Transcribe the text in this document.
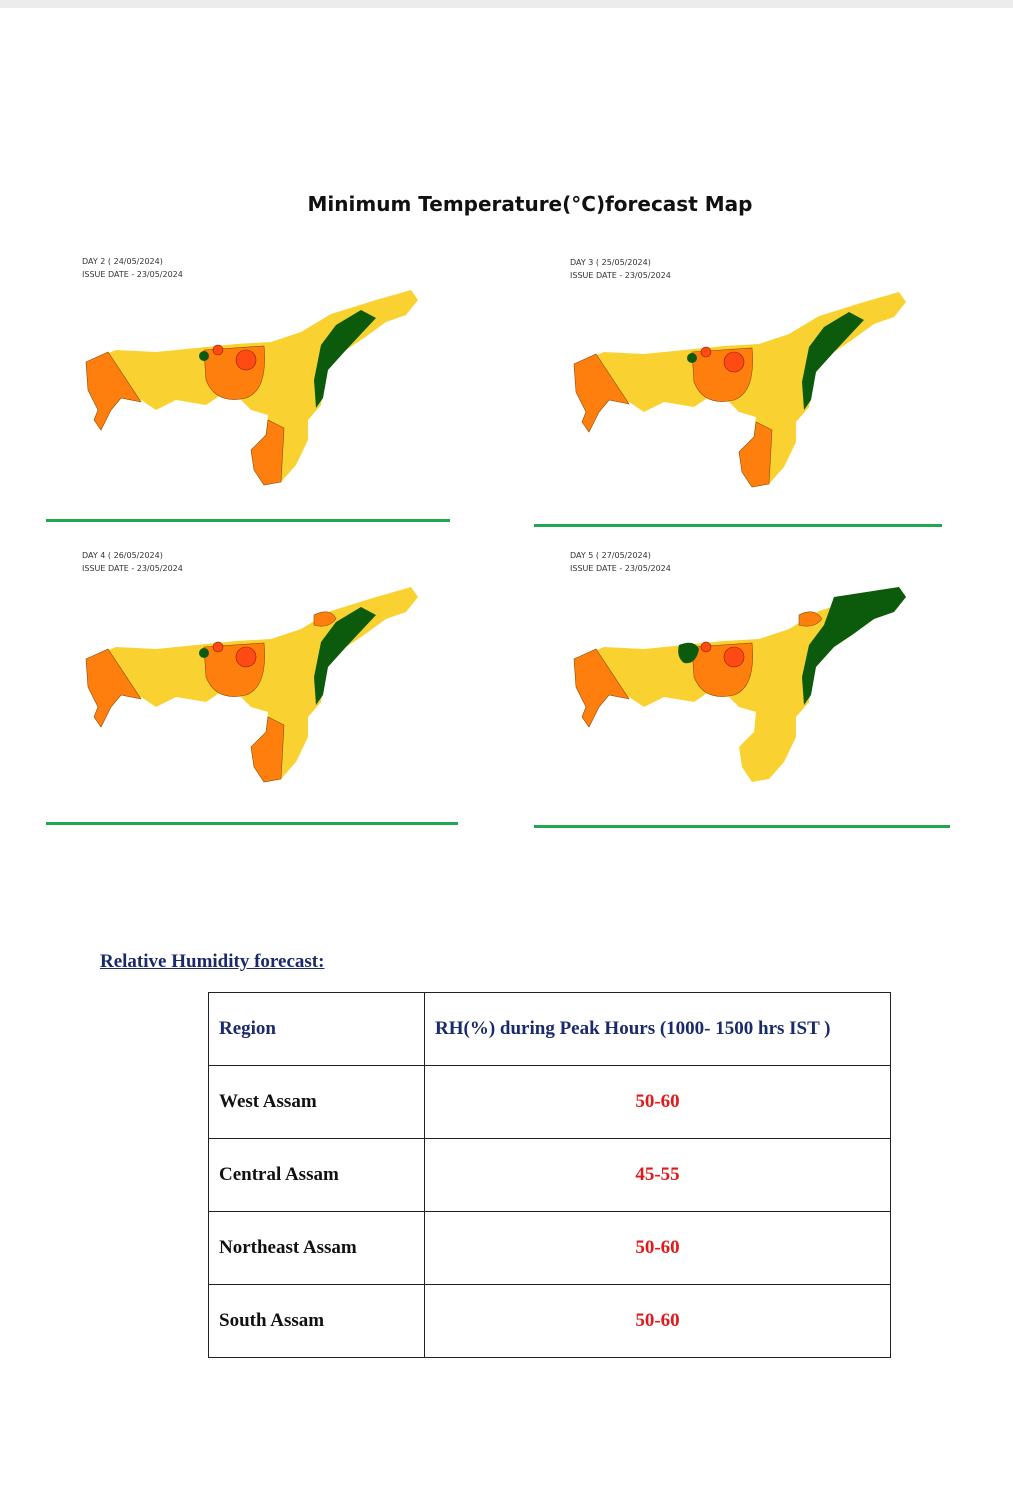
Minimum Temperature(°C)forecast Map
DAY 2 ( 24/05/2024)
ISSUE DATE - 23/05/2024
DAY 3 ( 25/05/2024)
ISSUE DATE - 23/05/2024
DAY 4 ( 26/05/2024)
ISSUE DATE - 23/05/2024
DAY 5 ( 27/05/2024)
ISSUE DATE - 23/05/2024
Relative Humidity forecast:
Region	RH(%) during Peak Hours (1000- 1500 hrs IST )
West Assam	50-60
Central Assam	45-55
Northeast Assam	50-60
South Assam	50-60
